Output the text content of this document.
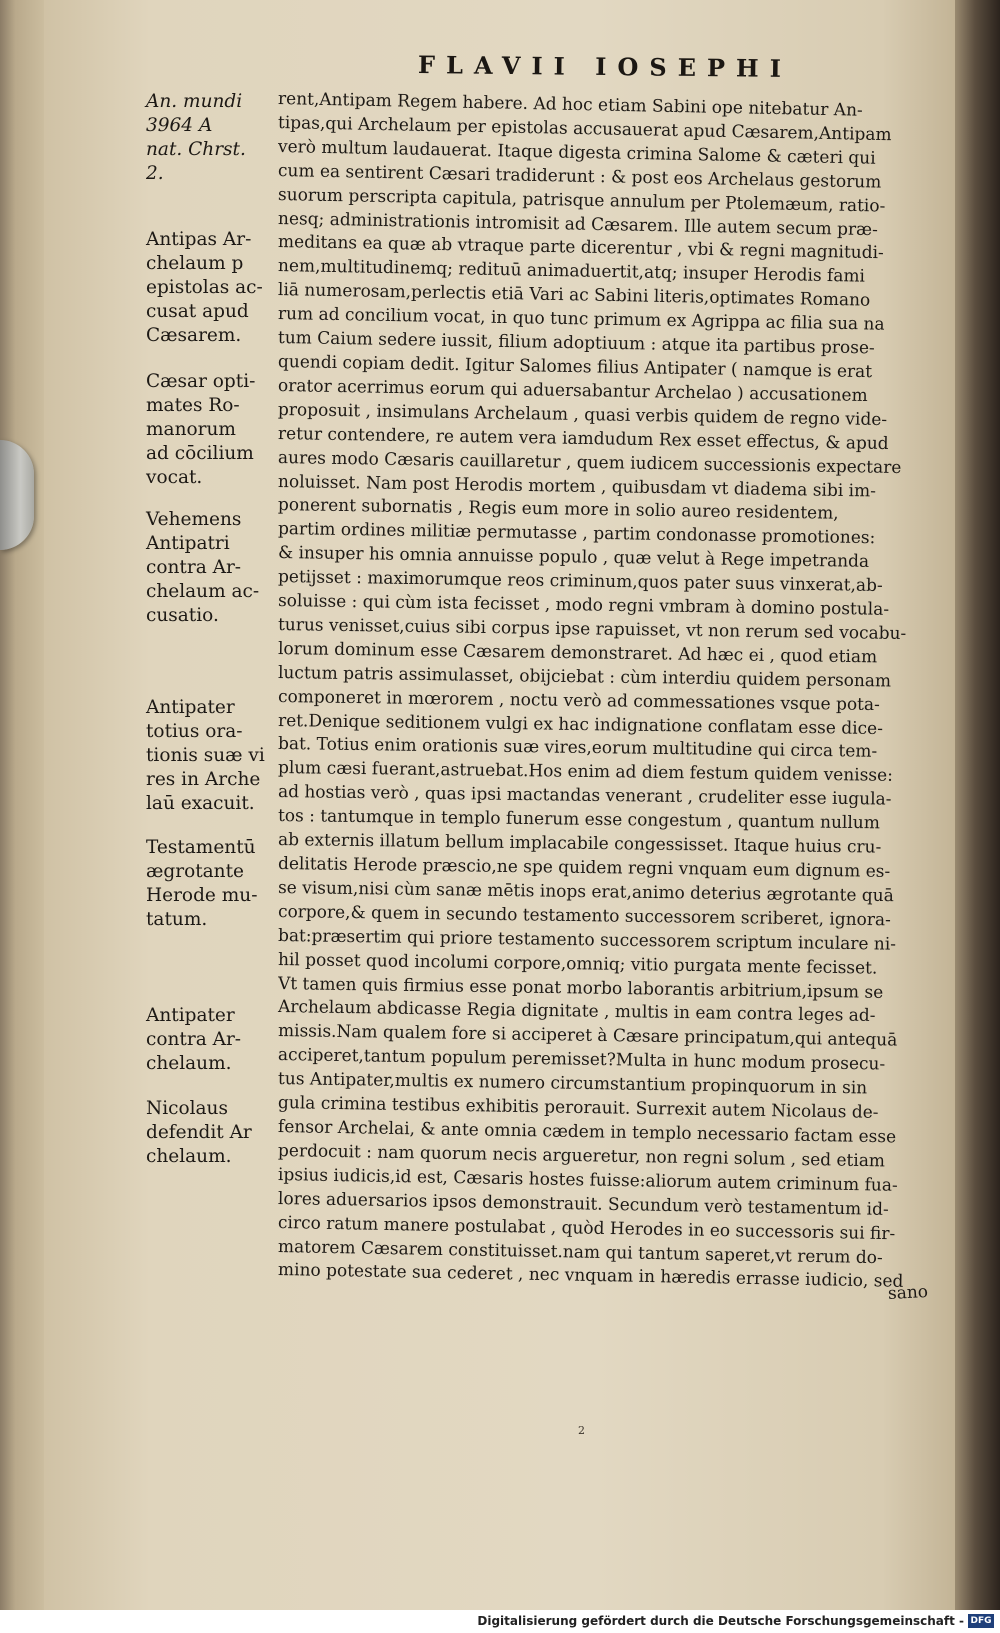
FLAVII IOSEPHI
An. mundi
3964 A
nat. Chrst.
2.
Antipas Ar-
chelaum p
epistolas ac-
cusat apud
Cæsarem.
Cæsar opti-
mates Ro-
manorum
ad cōcilium
vocat.
Vehemens
Antipatri
contra Ar-
chelaum ac-
cusatio.
Antipater
totius ora-
tionis suæ vi
res in Arche
laū exacuit.
Testamentū
ægrotante
Herode mu-
tatum.
Antipater
contra Ar-
chelaum.
Nicolaus
defendit Ar
chelaum.
rent,Antipam Regem habere. Ad hoc etiam Sabini ope nitebatur An-
tipas,qui Archelaum per epistolas accusauerat apud Cæsarem,Antipam
verò multum laudauerat. Itaque digesta crimina Salome & cæteri qui
cum ea sentirent Cæsari tradiderunt : & post eos Archelaus gestorum
suorum perscripta capitula, patrisque annulum per Ptolemæum, ratio-
nesq; administrationis intromisit ad Cæsarem. Ille autem secum præ-
meditans ea quæ ab vtraque parte dicerentur , vbi & regni magnitudi-
nem,multitudinemq; redituū animaduertit,atq; insuper Herodis fami
liā numerosam,perlectis etiā Vari ac Sabini literis,optimates Romano
rum ad concilium vocat, in quo tunc primum ex Agrippa ac filia sua na
tum Caium sedere iussit, filium adoptiuum : atque ita partibus prose-
quendi copiam dedit. Igitur Salomes filius Antipater ( namque is erat
orator acerrimus eorum qui aduersabantur Archelao ) accusationem
proposuit , insimulans Archelaum , quasi verbis quidem de regno vide-
retur contendere, re autem vera iamdudum Rex esset effectus, & apud
aures modo Cæsaris cauillaretur , quem iudicem successionis expectare
noluisset. Nam post Herodis mortem , quibusdam vt diadema sibi im-
ponerent subornatis , Regis eum more in solio aureo residentem,
partim ordines militiæ permutasse , partim condonasse promotiones:
& insuper his omnia annuisse populo , quæ velut à Rege impetranda
petijsset : maximorumque reos criminum,quos pater suus vinxerat,ab-
soluisse : qui cùm ista fecisset , modo regni vmbram à domino postula-
turus venisset,cuius sibi corpus ipse rapuisset, vt non rerum sed vocabu-
lorum dominum esse Cæsarem demonstraret. Ad hæc ei , quod etiam
luctum patris assimulasset, obijciebat : cùm interdiu quidem personam
componeret in mœrorem , noctu verò ad commessationes vsque pota-
ret.Denique seditionem vulgi ex hac indignatione conflatam esse dice-
bat. Totius enim orationis suæ vires,eorum multitudine qui circa tem-
plum cæsi fuerant,astruebat.Hos enim ad diem festum quidem venisse:
ad hostias verò , quas ipsi mactandas venerant , crudeliter esse iugula-
tos : tantumque in templo funerum esse congestum , quantum nullum
ab externis illatum bellum implacabile congessisset. Itaque huius cru-
delitatis Herode præscio,ne spe quidem regni vnquam eum dignum es-
se visum,nisi cùm sanæ mētis inops erat,animo deterius ægrotante quā
corpore,& quem in secundo testamento successorem scriberet, ignora-
bat:præsertim qui priore testamento successorem scriptum inculare ni-
hil posset quod incolumi corpore,omniq; vitio purgata mente fecisset.
Vt tamen quis firmius esse ponat morbo laborantis arbitrium,ipsum se
Archelaum abdicasse Regia dignitate , multis in eam contra leges ad-
missis.Nam qualem fore si acciperet à Cæsare principatum,qui antequā
acciperet,tantum populum peremisset?Multa in hunc modum prosecu-
tus Antipater,multis ex numero circumstantium propinquorum in sin
gula crimina testibus exhibitis perorauit. Surrexit autem Nicolaus de-
fensor Archelai, & ante omnia cædem in templo necessario factam esse
perdocuit : nam quorum necis argueretur, non regni solum , sed etiam
ipsius iudicis,id est, Cæsaris hostes fuisse:aliorum autem criminum fua-
lores aduersarios ipsos demonstrauit. Secundum verò testamentum id-
circo ratum manere postulabat , quòd Herodes in eo successoris sui fir-
matorem Cæsarem constituisset.nam qui tantum saperet,vt rerum do-
mino potestate sua cederet , nec vnquam in hæredis errasse iudicio, sed
sano
2
Digitalisierung gefördert durch die Deutsche Forschungsgemeinschaft - DFG
